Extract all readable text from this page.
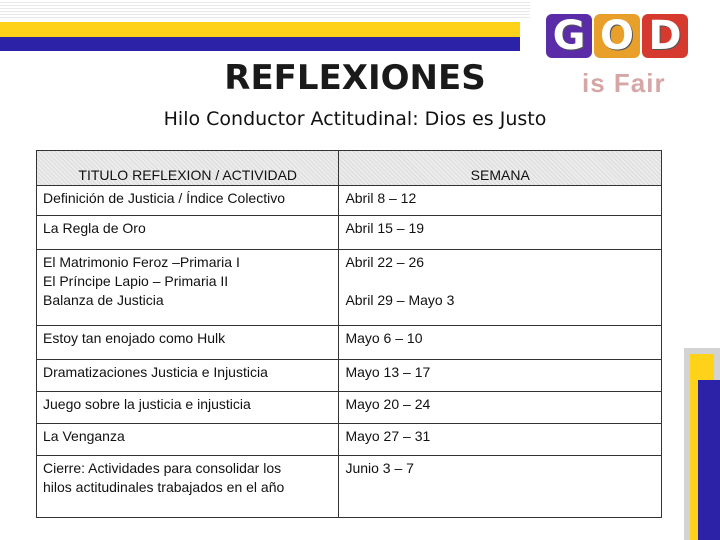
G O D
is Fair
REFLEXIONES
Hilo Conductor Actitudinal: Dios es Justo
TITULO REFLEXION / ACTIVIDAD	SEMANA

Definición de Justicia / Índice Colectivo	Abril 8 – 12

La Regla de Oro	Abril 15 – 19

El Matrimonio Feroz –Primaria I
El Príncipe Lapio – Primaria II
Balanza de Justicia	Abril 22 – 26

Abril 29 – Mayo 3

Estoy tan enojado como Hulk	Mayo 6 – 10

Dramatizaciones Justicia e Injusticia	Mayo 13 – 17

Juego sobre la justicia e injusticia	Mayo 20 – 24

La Venganza	Mayo 27 – 31

Cierre: Actividades para consolidar los
hilos actitudinales trabajados en el año	Junio 3 – 7
